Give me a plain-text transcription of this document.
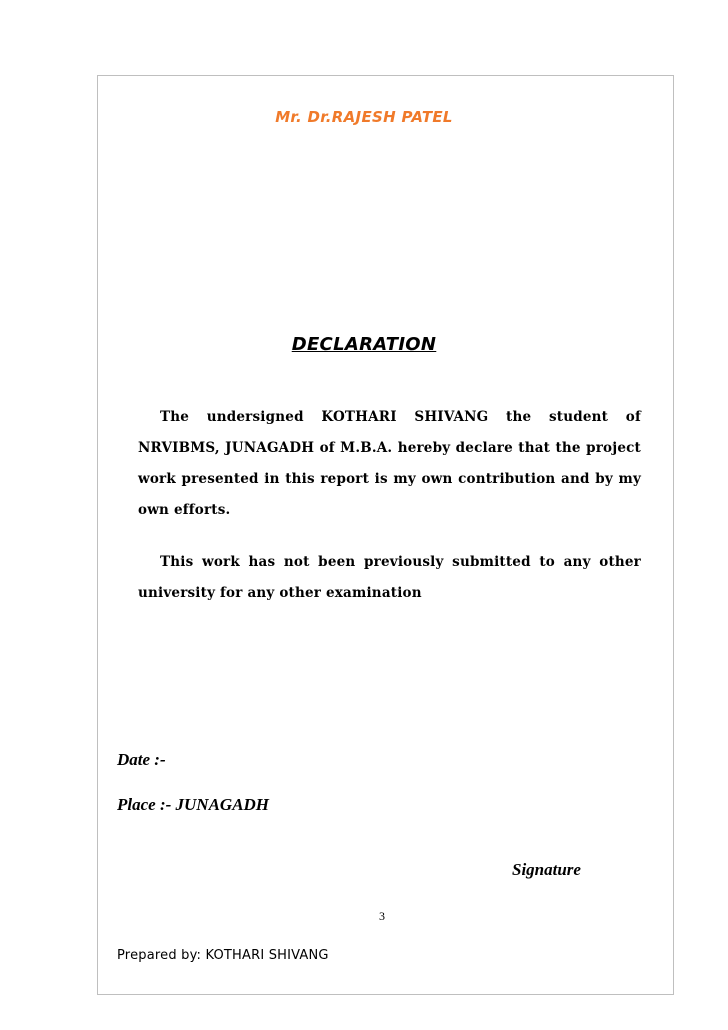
Mr. Dr.RAJESH PATEL
DECLARATION
The undersigned KOTHARI SHIVANG the student of NRVIBMS, JUNAGADH of M.B.A. hereby declare that the project work presented in this report is my own contribution and by my own efforts.
This work has not been previously submitted to any other university for any other examination
Date :-
Place :- JUNAGADH
Signature
3
Prepared by: KOTHARI SHIVANG
